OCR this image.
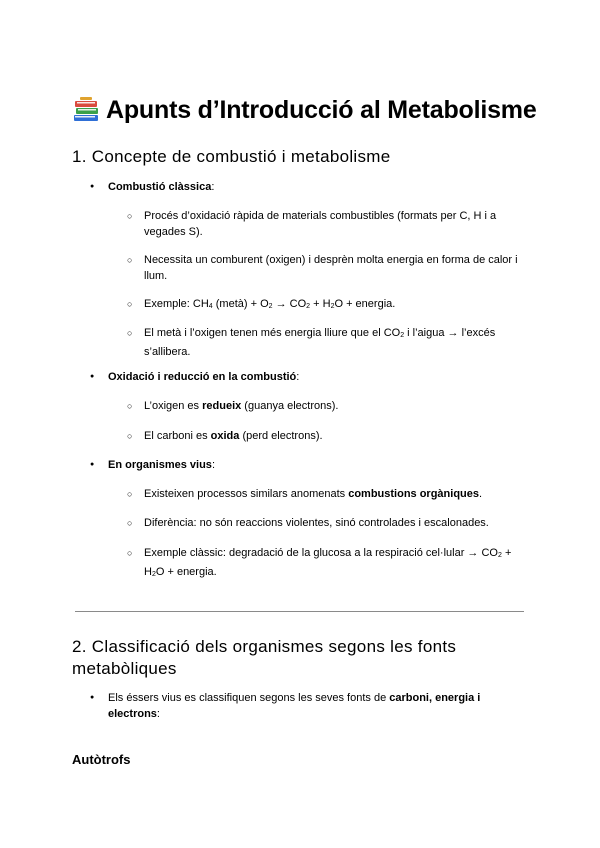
Apunts d’Introducció al Metabolisme
1. Concepte de combustió i metabolisme
● Combustió clàssica:
○ Procés d’oxidació ràpida de materials combustibles (formats per C, H i a vegades S).
○ Necessita un comburent (oxigen) i desprèn molta energia en forma de calor i llum.
○ Exemple: CH4 (metà) + O2 → CO2 + H2O + energia.
○ El metà i l’oxigen tenen més energia lliure que el CO2 i l’aigua → l’excés s’allibera.
● Oxidació i reducció en la combustió:
○ L’oxigen es redueix (guanya electrons).
○ El carboni es oxida (perd electrons).
● En organismes vius:
○ Existeixen processos similars anomenats combustions orgàniques.
○ Diferència: no són reaccions violentes, sinó controlades i escalonades.
○ Exemple clàssic: degradació de la glucosa a la respiració cel·lular → CO2 + H2O + energia.
2. Classificació dels organismes segons les fonts metabòliques
● Els éssers vius es classifiquen segons les seves fonts de carboni, energia i electrons:
Autòtrofs
